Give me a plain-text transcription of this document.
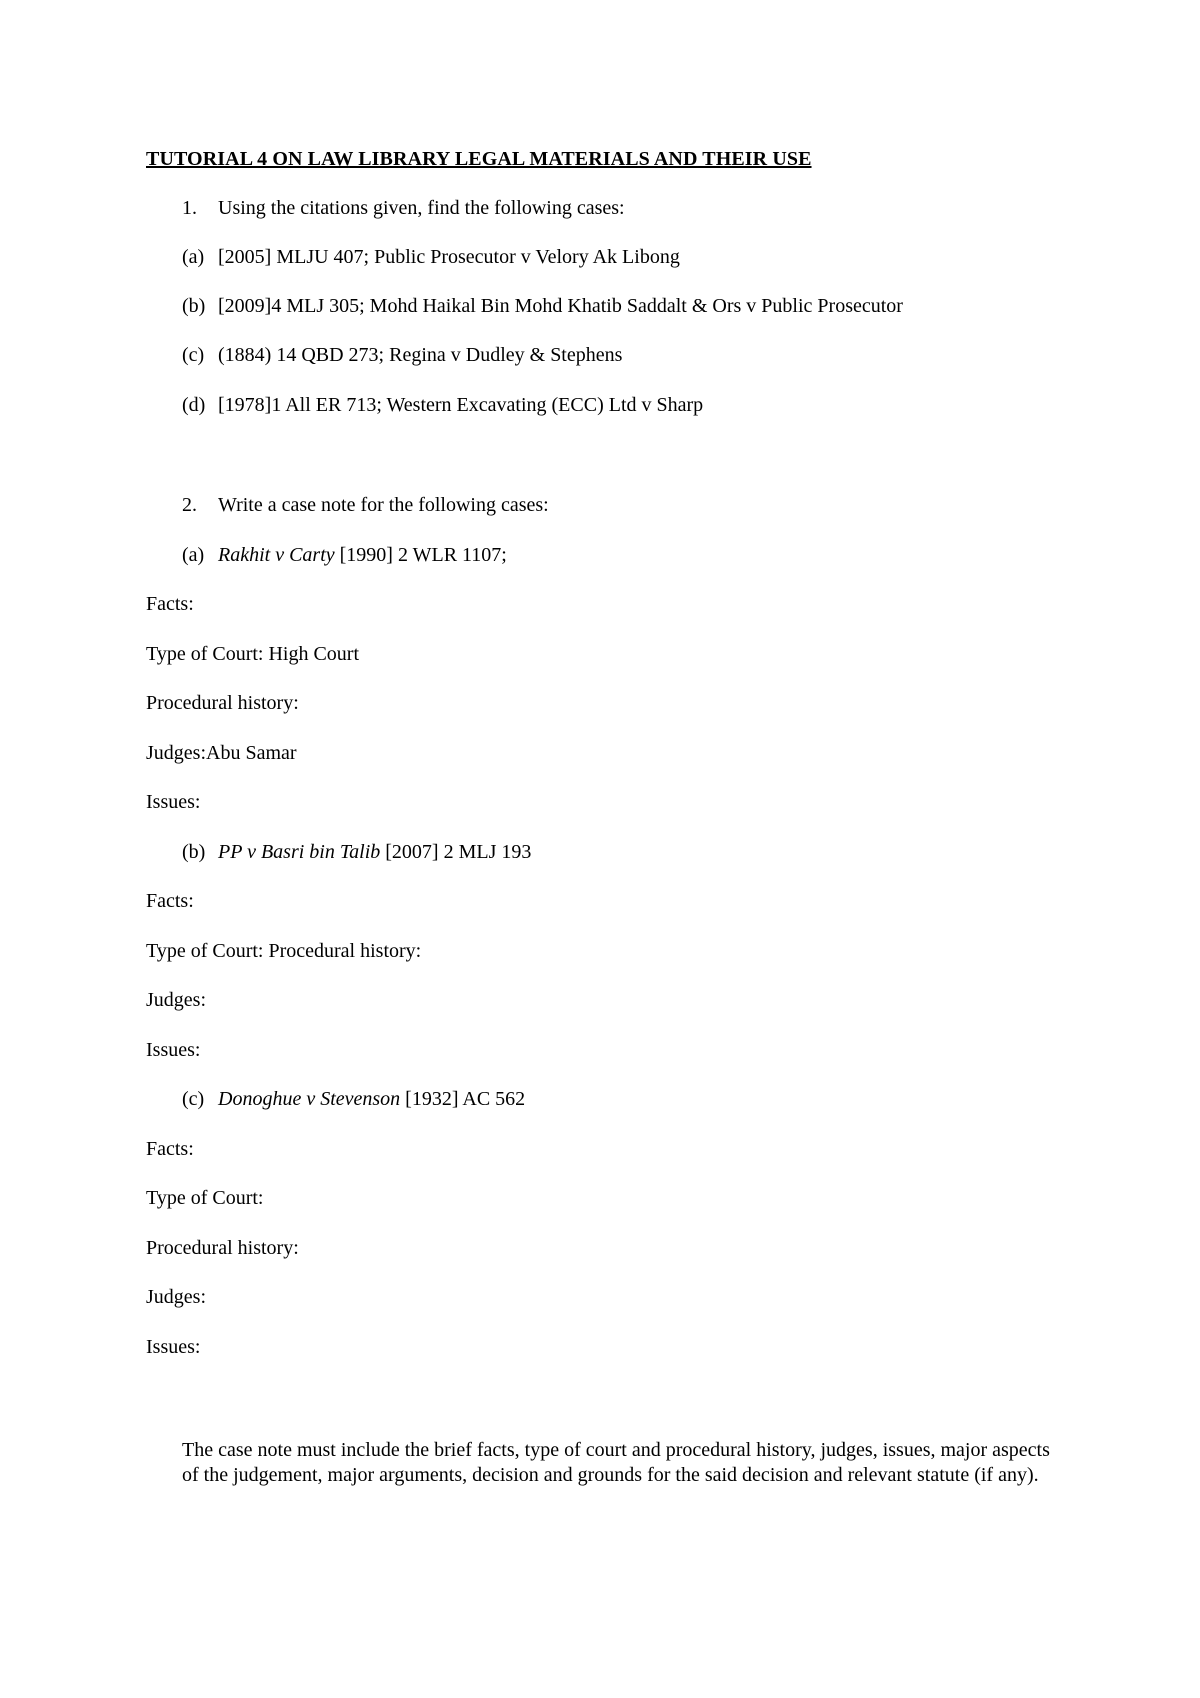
TUTORIAL 4 ON LAW LIBRARY LEGAL MATERIALS AND THEIR USE
1. Using the citations given, find the following cases:
(a) [2005] MLJU 407; Public Prosecutor v Velory Ak Libong
(b) [2009]4 MLJ 305; Mohd Haikal Bin Mohd Khatib Saddalt & Ors v Public Prosecutor
(c) (1884) 14 QBD 273; Regina v Dudley & Stephens
(d) [1978]1 All ER 713; Western Excavating (ECC) Ltd v Sharp
2. Write a case note for the following cases:
(a) Rakhit v Carty [1990] 2 WLR 1107;
Facts:
Type of Court: High Court
Procedural history:
Judges:Abu Samar
Issues:
(b) PP v Basri bin Talib [2007] 2 MLJ 193
Facts:
Type of Court: Procedural history:
Judges:
Issues:
(c) Donoghue v Stevenson [1932] AC 562
Facts:
Type of Court:
Procedural history:
Judges:
Issues:
The case note must include the brief facts, type of court and procedural history, judges, issues, major aspects of the judgement, major arguments, decision and grounds for the said decision and relevant statute (if any).
